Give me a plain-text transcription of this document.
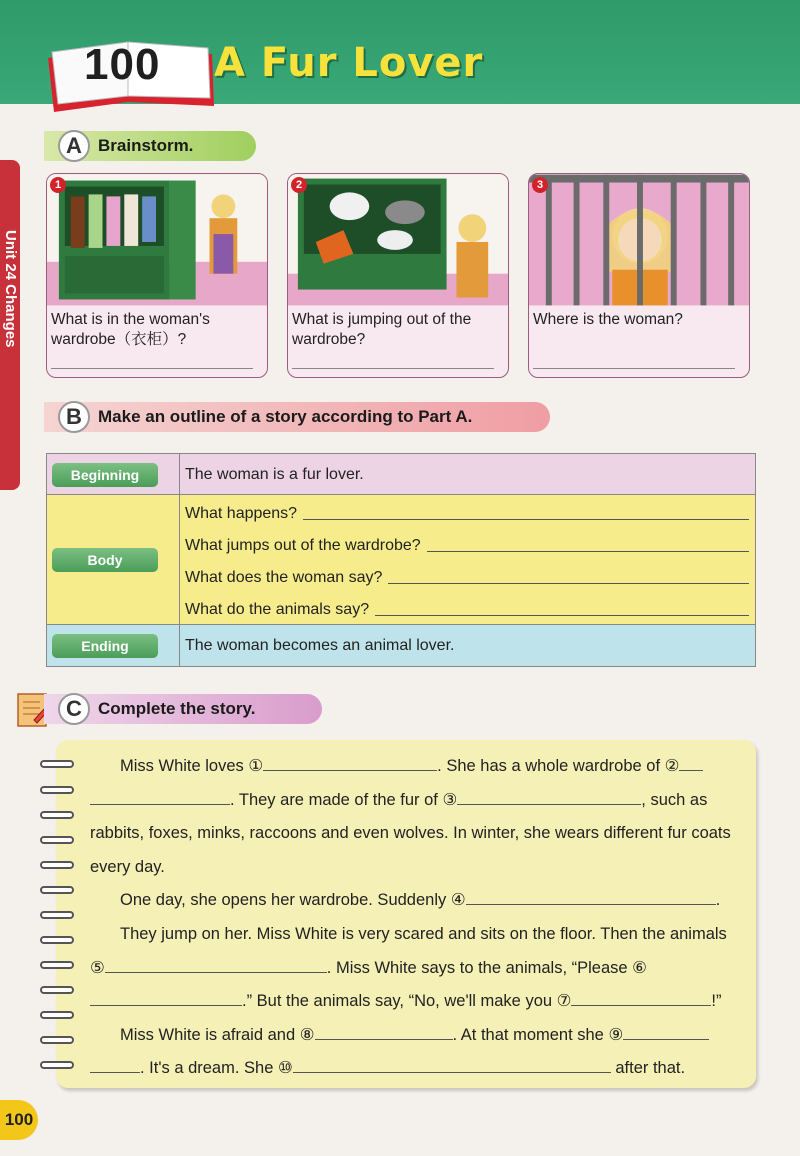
100 A Fur Lover
Unit 24 Changes
A Brainstorm.
1
What is in the woman's wardrobe（衣柜）?
2
What is jumping out of the wardrobe?
3
Where is the woman?
B Make an outline of a story according to Part A.
Beginning	The woman is a fur lover.
Body
What happens?
What jumps out of the wardrobe?
What does the woman say?
What do the animals say?
Ending	The woman becomes an animal lover.
C Complete the story.

Miss White loves ①	. She has a whole wardrobe of ② . They are made of the fur of ③	, such as rabbits, foxes, minks, raccoons and even wolves. In winter, she wears different fur coats every day.

One day, she opens her wardrobe. Suddenly ④	.

They jump on her. Miss White is very scared and sits on the floor. Then the animals ⑤	. Miss White says to the animals, “Please ⑥.” But the animals say, “No, we'll make you ⑦	!”

Miss White is afraid and ⑧	. At that moment she ⑨ . It's a dream. She ⑩	after that.

100
